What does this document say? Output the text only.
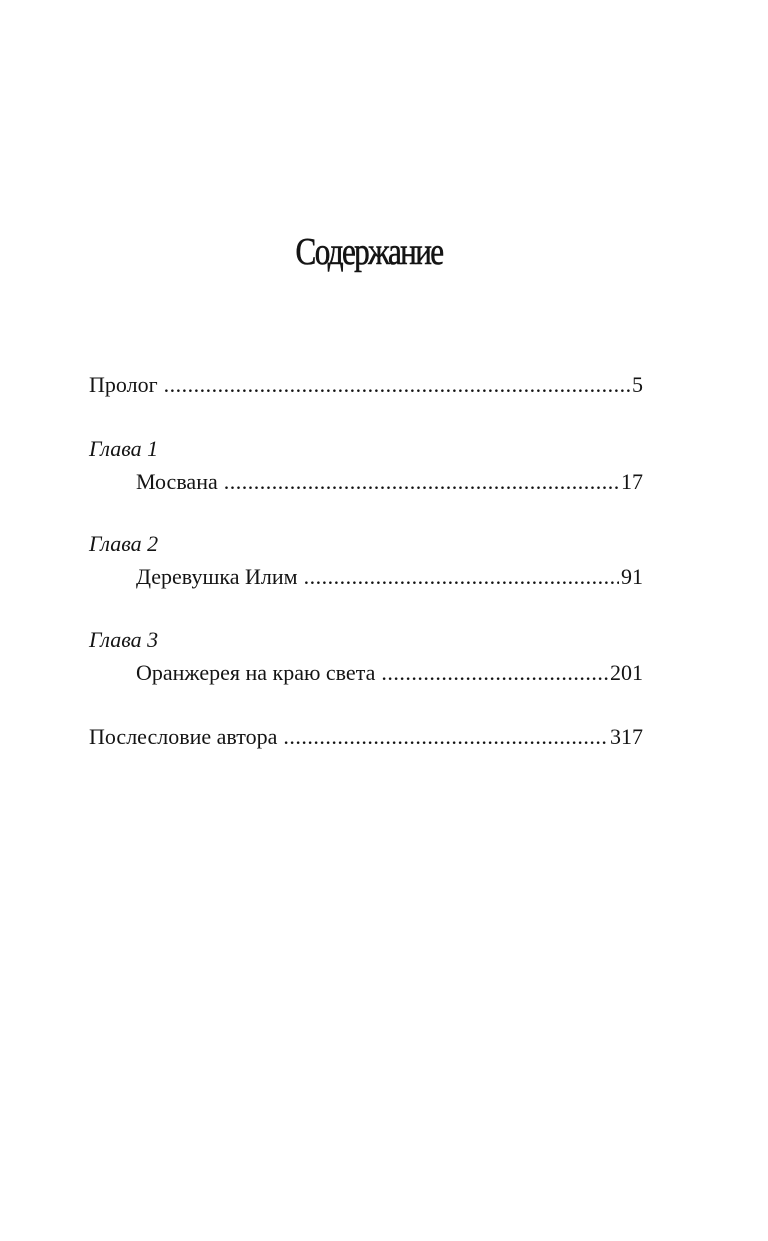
Содержание
Пролог .....	5
Глава 1
Мосвана .....	17
Глава 2
Деревушка Илим .....	91
Глава 3
Оранжерея на краю света .....	201
Послесловие автора .....	317
